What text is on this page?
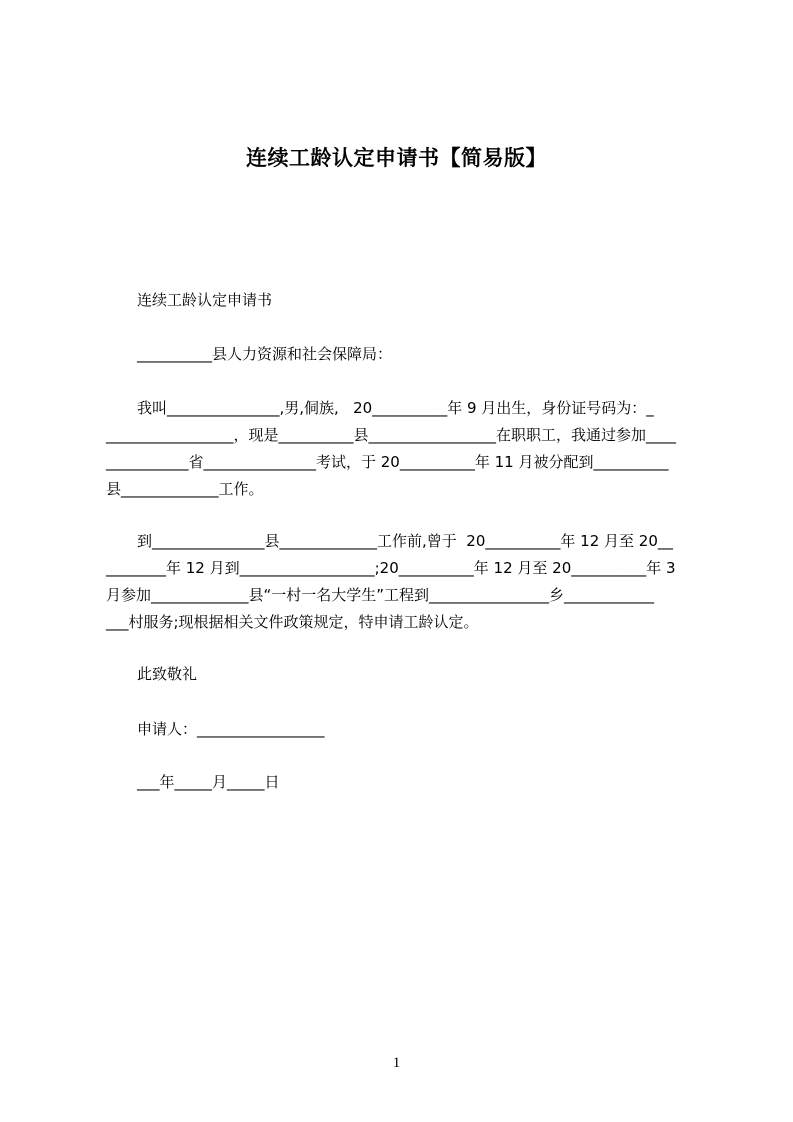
连续工龄认定申请书【简易版】
连续工龄认定申请书
__________县人力资源和社会保障局：
我叫_______________,男,侗族,   20__________年 9 月出生，身份证号码为：_
_________________，现是__________县_________________在职职工，我通过参加____
___________省_______________考试，于 20__________年 11 月被分配到__________
县_____________工作。
到_______________县_____________工作前,曾于  20__________年 12 月至 20__
________年 12 月到__________________;20__________年 12 月至 20__________年 3
月参加_____________县“一村一名大学生”工程到________________乡____________
___村服务;现根据相关文件政策规定，特申请工龄认定。
此致敬礼
申请人：_________________
___年_____月_____日
1
